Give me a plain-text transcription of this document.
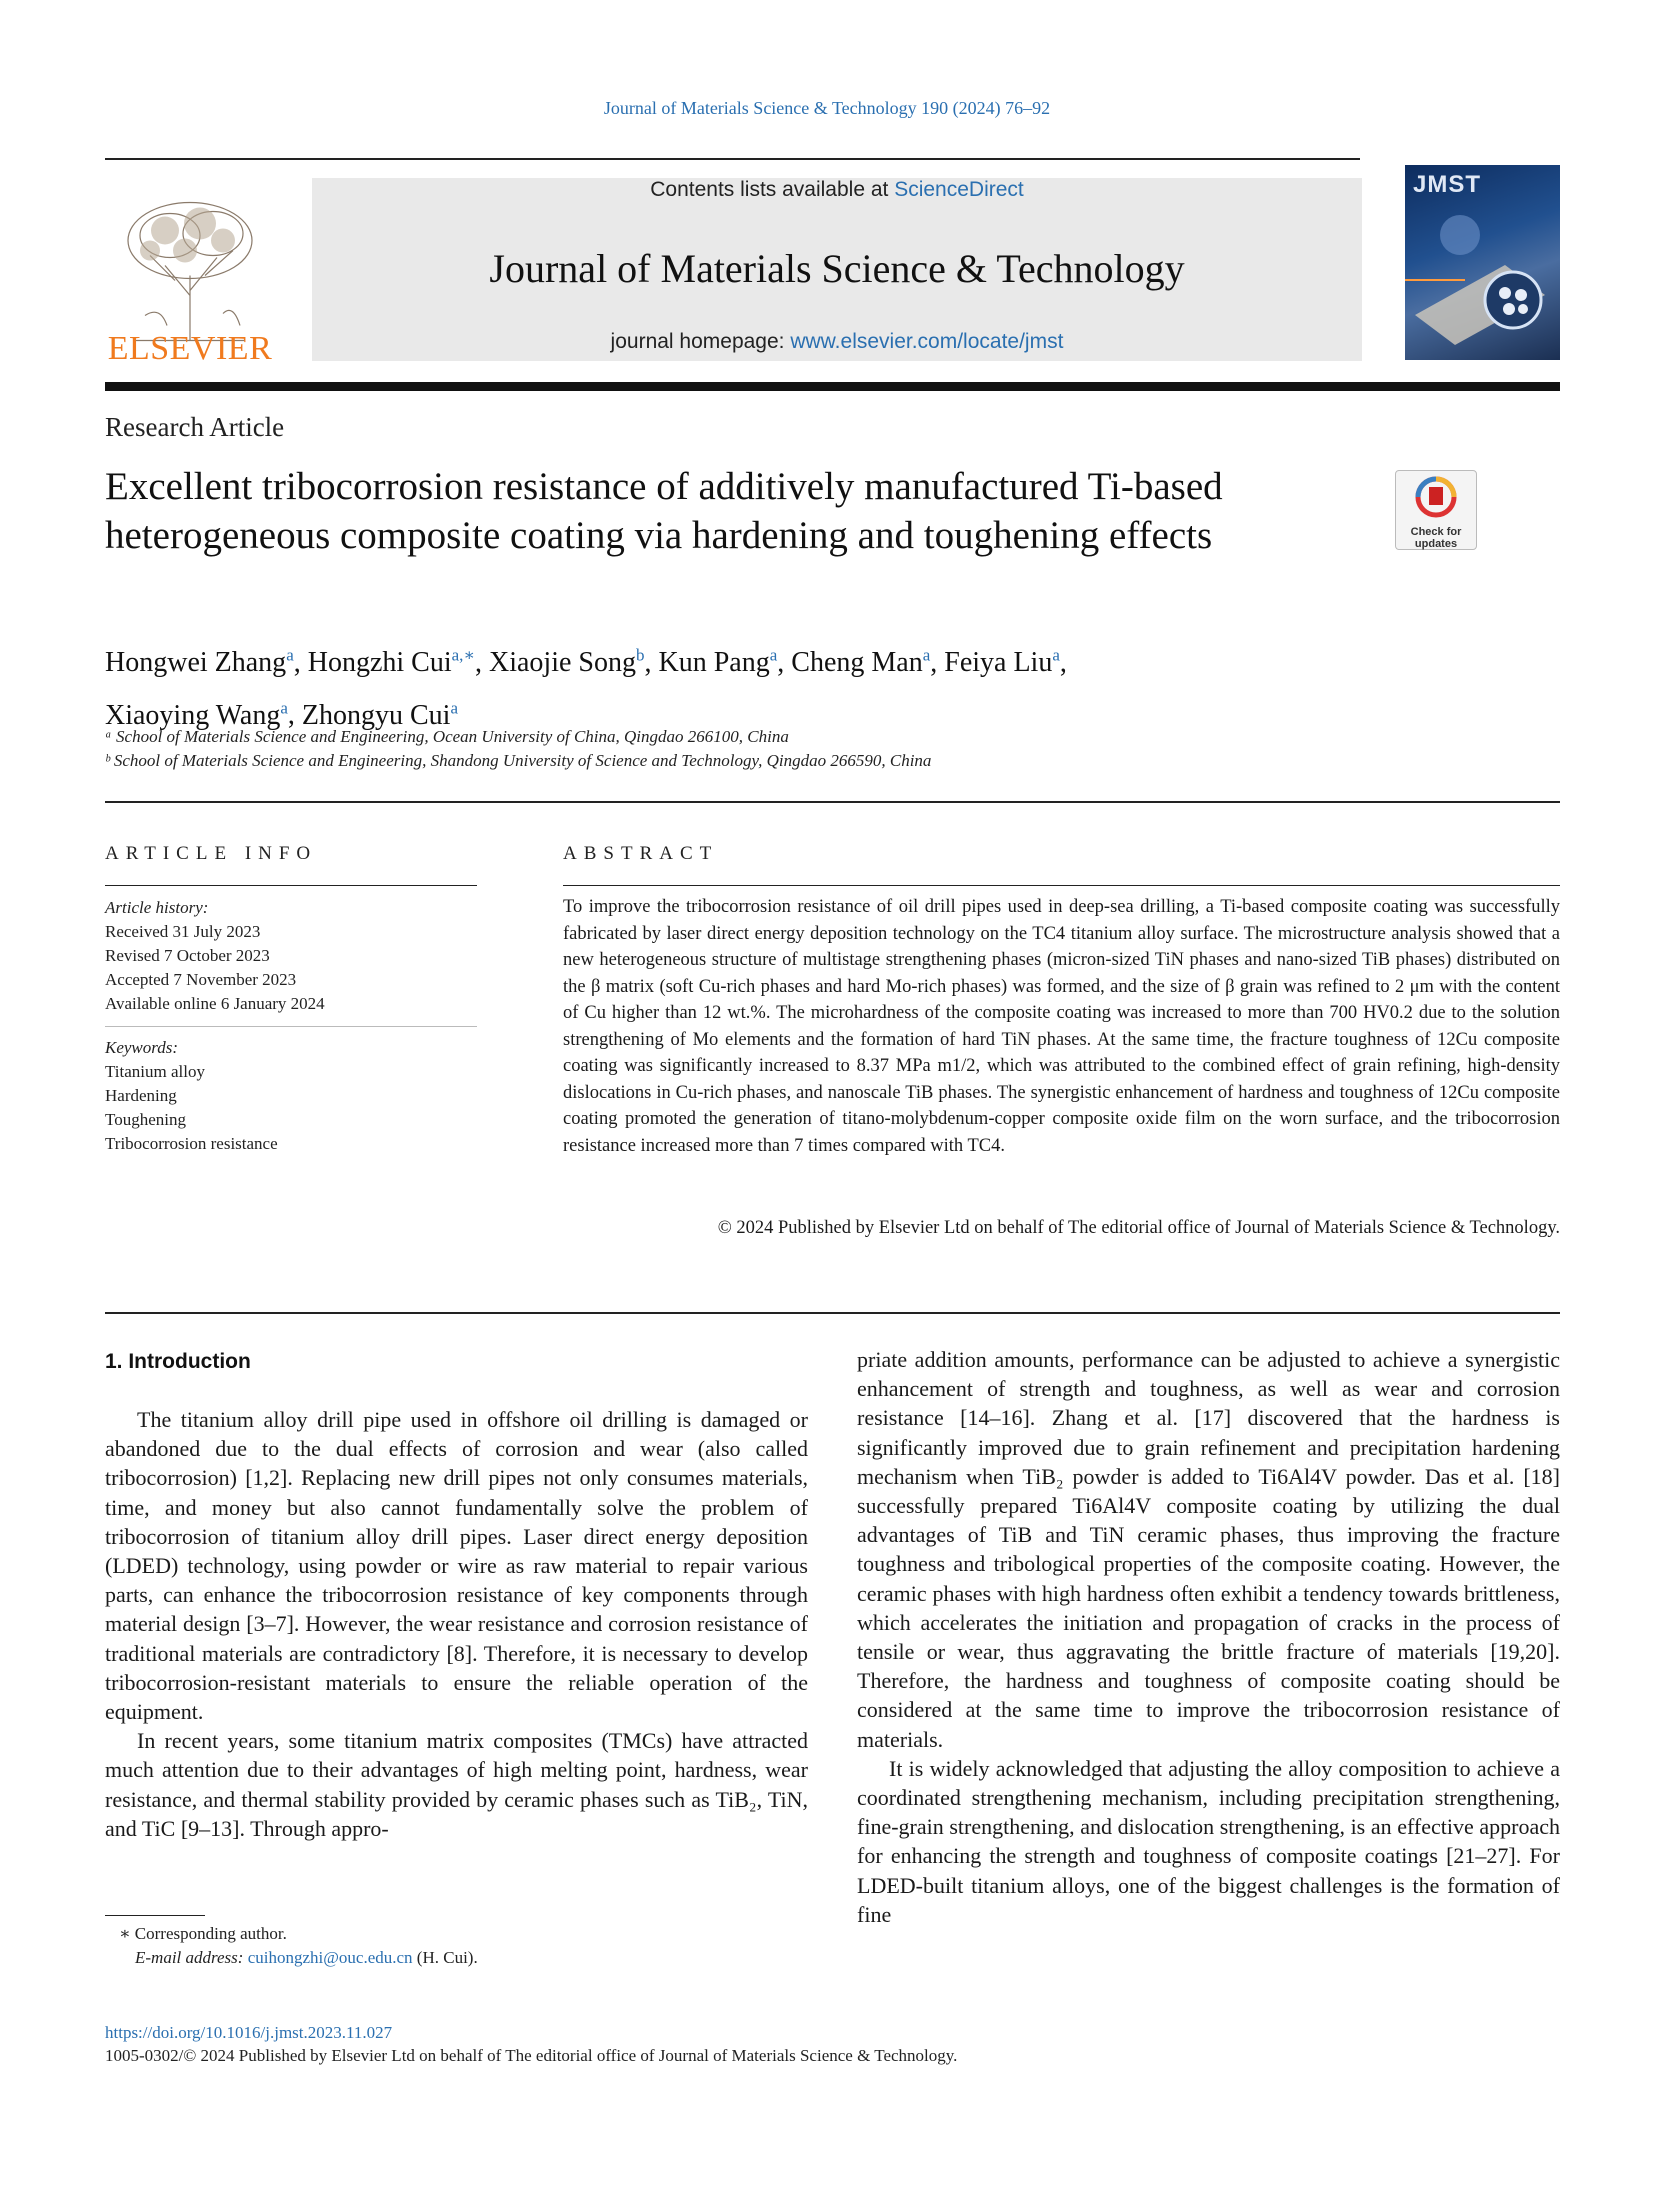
Journal of Materials Science & Technology 190 (2024) 76–92
ELSEVIER
Contents lists available at ScienceDirect
Journal of Materials Science & Technology
journal homepage: www.elsevier.com/locate/jmst
JMST
Research Article
Excellent tribocorrosion resistance of additively manufactured Ti-based heterogeneous composite coating via hardening and toughening effects	Check for updates
Hongwei Zhang$^a$, Hongzhi Cui$^{a,∗}$, Xiaojie Song$^b$, Kun Pang$^a$, Cheng Man$^a$, Feiya Liu$^a$,
Xiaoying Wang$^a$, Zhongyu Cui$^a$
ᵃ School of Materials Science and Engineering, Ocean University of China, Qingdao 266100, China
ᵇ School of Materials Science and Engineering, Shandong University of Science and Technology, Qingdao 266590, China
ARTICLE INFO
Article history:
Received 31 July 2023
Revised 7 October 2023
Accepted 7 November 2023
Available online 6 January 2024
Keywords:
Titanium alloy
Hardening
Toughening
Tribocorrosion resistance
ABSTRACT
To improve the tribocorrosion resistance of oil drill pipes used in deep-sea drilling, a Ti-based composite coating was successfully fabricated by laser direct energy deposition technology on the TC4 titanium alloy surface. The microstructure analysis showed that a new heterogeneous structure of multistage strengthening phases (micron-sized TiN phases and nano-sized TiB phases) distributed on the β matrix (soft Cu-rich phases and hard Mo-rich phases) was formed, and the size of β grain was refined to 2 μm with the content of Cu higher than 12 wt.%. The microhardness of the composite coating was increased to more than 700 HV0.2 due to the solution strengthening of Mo elements and the formation of hard TiN phases. At the same time, the fracture toughness of 12Cu composite coating was significantly increased to 8.37 MPa m1/2, which was attributed to the combined effect of grain refining, high-density dislocations in Cu-rich phases, and nanoscale TiB phases. The synergistic enhancement of hardness and toughness of 12Cu composite coating promoted the generation of titano-molybdenum-copper composite oxide film on the worn surface, and the tribocorrosion resistance increased more than 7 times compared with TC4.
© 2024 Published by Elsevier Ltd on behalf of The editorial office of Journal of Materials Science & Technology.
1. Introduction

The titanium alloy drill pipe used in offshore oil drilling is damaged or abandoned due to the dual effects of corrosion and wear (also called tribocorrosion) [1,2]. Replacing new drill pipes not only consumes materials, time, and money but also cannot fundamentally solve the problem of tribocorrosion of titanium alloy drill pipes. Laser direct energy deposition (LDED) technology, using powder or wire as raw material to repair various parts, can enhance the tribocorrosion resistance of key components through material design [3–7]. However, the wear resistance and corrosion resistance of traditional materials are contradictory [8]. Therefore, it is necessary to develop tribocorrosion-resistant materials to ensure the reliable operation of the equipment.

In recent years, some titanium matrix composites (TMCs) have attracted much attention due to their advantages of high melting point, hardness, wear resistance, and thermal stability provided by ceramic phases such as TiB₂, TiN, and TiC [9–13]. Through appro-

priate addition amounts, performance can be adjusted to achieve a synergistic enhancement of strength and toughness, as well as wear and corrosion resistance [14–16]. Zhang et al. [17] discovered that the hardness is significantly improved due to grain refinement and precipitation hardening mechanism when TiB₂ powder is added to Ti6Al4V powder. Das et al. [18] successfully prepared Ti6Al4V composite coating by utilizing the dual advantages of TiB and TiN ceramic phases, thus improving the fracture toughness and tribological properties of the composite coating. However, the ceramic phases with high hardness often exhibit a tendency towards brittleness, which accelerates the initiation and propagation of cracks in the process of tensile or wear, thus aggravating the brittle fracture of materials [19,20]. Therefore, the hardness and toughness of composite coating should be considered at the same time to improve the tribocorrosion resistance of materials.

It is widely acknowledged that adjusting the alloy composition to achieve a coordinated strengthening mechanism, including precipitation strengthening, fine-grain strengthening, and dislocation strengthening, is an effective approach for enhancing the strength and toughness of composite coatings [21–27]. For LDED-built titanium alloys, one of the biggest challenges is the formation of fine

∗ Corresponding author.
E-mail address: cuihongzhi@ouc.edu.cn (H. Cui).
https://doi.org/10.1016/j.jmst.2023.11.027
1005-0302/© 2024 Published by Elsevier Ltd on behalf of The editorial office of Journal of Materials Science & Technology.
